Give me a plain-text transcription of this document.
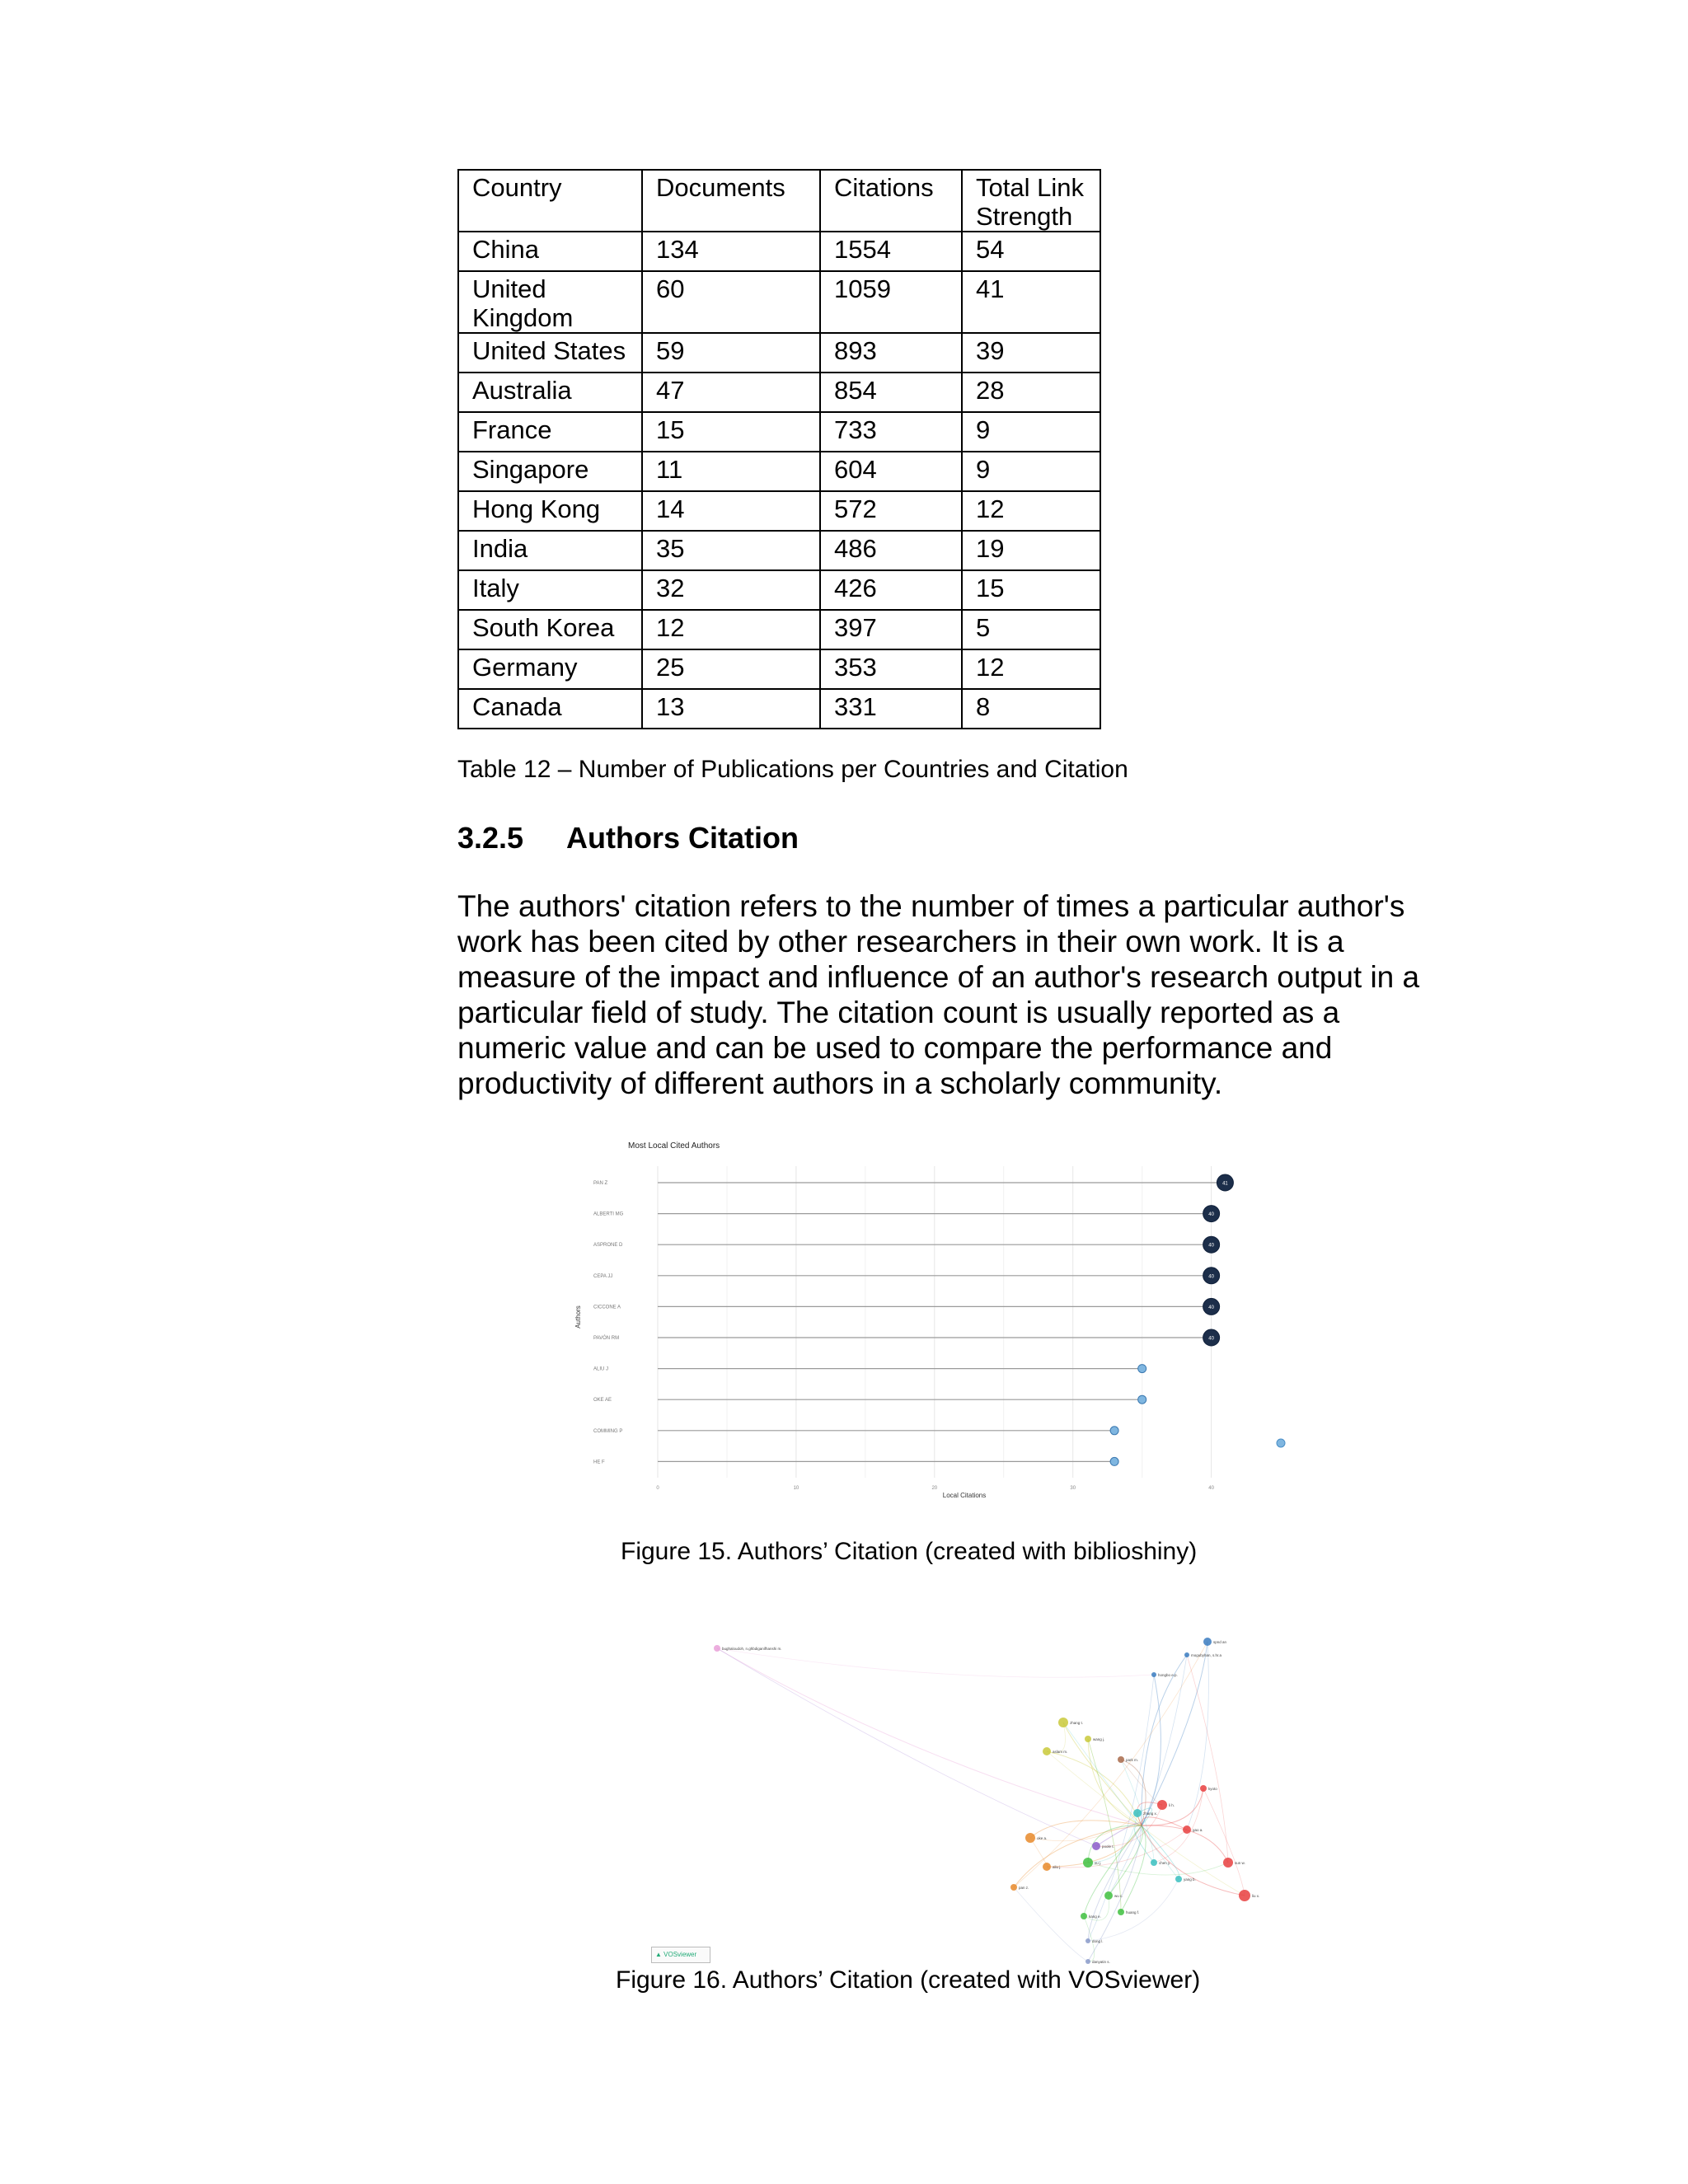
Country	Documents	Citations	Total Link Strength
China	134	1554	54
United Kingdom	60	1059	41
United States	59	893	39
Australia	47	854	28
France	15	733	9
Singapore	11	604	9
Hong Kong	14	572	12
India	35	486	19
Italy	32	426	15
South Korea	12	397	5
Germany	25	353	12
Canada	13	331	8
Table 12 – Number of Publications per Countries and Citation
3.2.5 Authors Citation
The authors' citation refers to the number of times a particular author's work has been cited by other researchers in their own work. It is a measure of the impact and influence of an author's research output in a particular field of study. The citation count is usually reported as a numeric value and can be used to compare the performance and productivity of different authors in a scholarly community.
Most Local Cited Authors
PAN Z
ALBERTI MG
ASPRONE D
CEPA JJ
CICCONE A
PAVÓN RM
ALIU J
OKE AE
COMMING P
HE F
0	10	20	30	40
41
40
40
40
40
40
Local Citations
Authors
Figure 15. Authors’ Citation (created with biblioshiny)
bughaloudoh, n.ghbdiganifhanshi m.
spnd an
mogubyhan, s.hr.a
hongbo e.p.
zhang t.
aslam m.
wang j.
poole t.
li h.
kyoto
gao a.
sun w.
liu x.
zhang x.
chen y.
yang b.
xu j.
wu c.
kang e.
huang f.
oke a.
aliu j.
pan z.
park m.
dong l.
danyatin s.
▲ VOSviewer
Figure 16. Authors’ Citation (created with VOSviewer)
